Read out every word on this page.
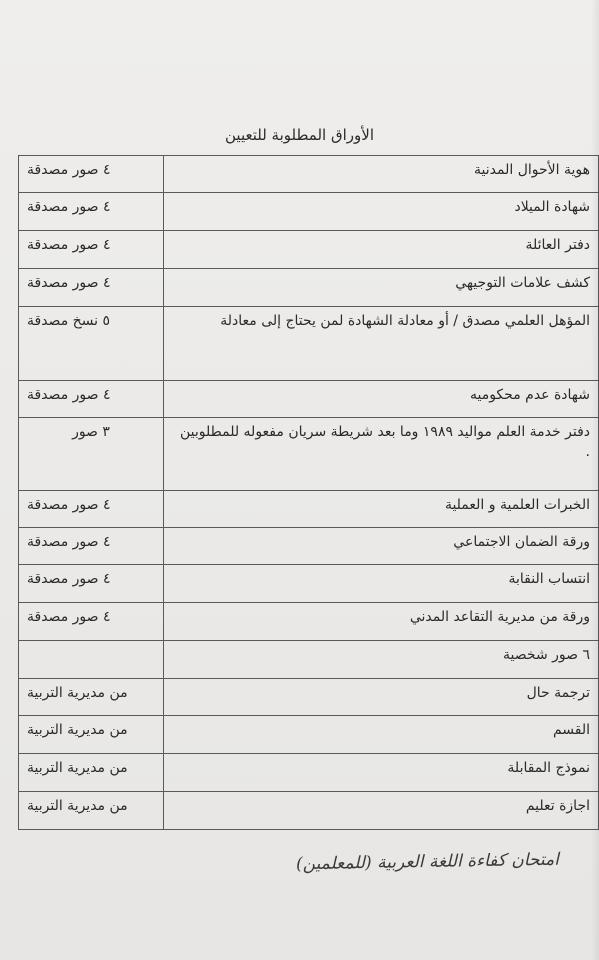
الأوراق المطلوبة للتعيين
هوية الأحوال المدنية	٤ صور مصدقة
شهادة الميلاد	٤ صور مصدقة
دفتر العائلة	٤ صور مصدقة
كشف علامات التوجيهي	٤ صور مصدقة
المؤهل العلمي مصدق / أو معادلة الشهادة لمن يحتاج إلى معادلة	٥ نسخ مصدقة
شهادة عدم محكوميه	٤ صور مصدقة
دفتر خدمة العلم مواليد ١٩٨٩ وما بعد شريطة سريان مفعوله للمطلوبين .	٣ صور
الخبرات العلمية و العملية	٤ صور مصدقة
ورقة الضمان الاجتماعي	٤ صور مصدقة
انتساب النقابة	٤ صور مصدقة
ورقة من مديرية التقاعد المدني	٤ صور مصدقة
٦ صور شخصية	
ترجمة حال	من مديرية التربية
القسم	من مديرية التربية
نموذج المقابلة	من مديرية التربية
اجازة تعليم	من مديرية التربية
امتحان كفاءة اللغة العربية (للمعلمين)
